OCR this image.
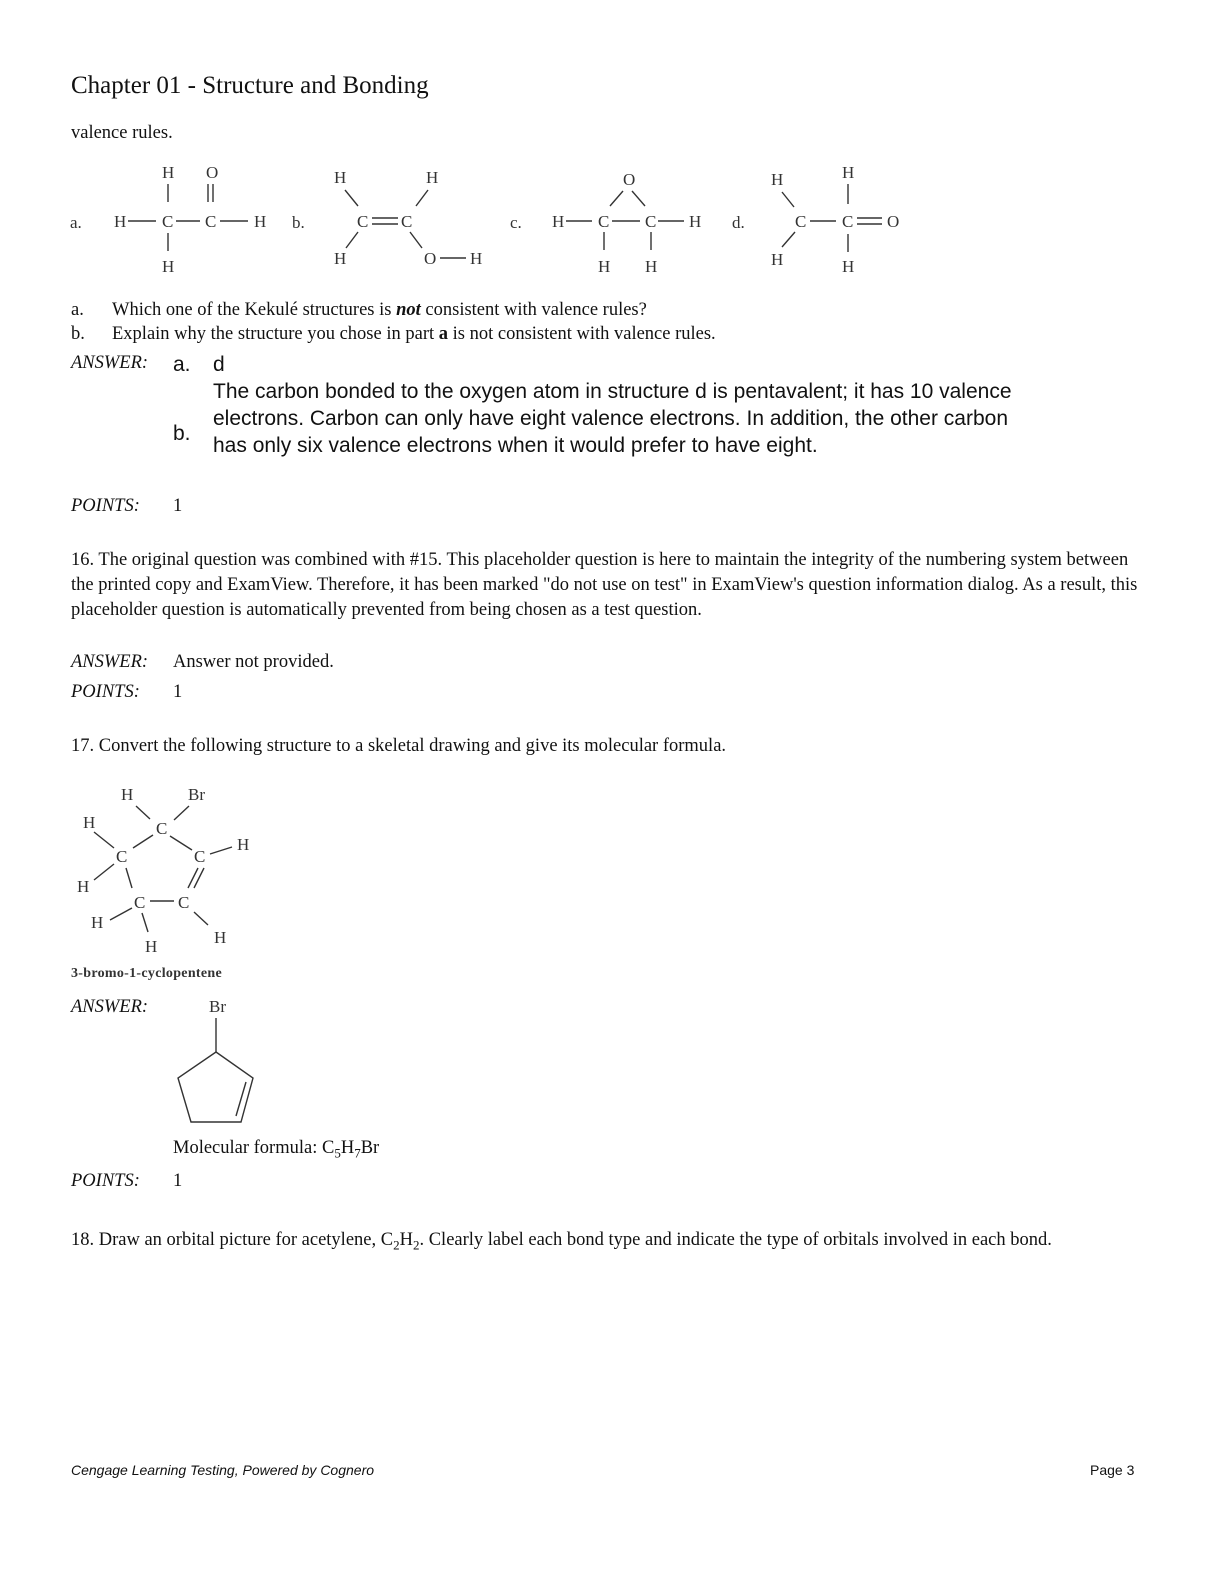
Chapter 01 - Structure and Bonding
valence rules.
a.
H O
H C C H
H
b.
H	H
C C
H	O H
c.
O
H C C H
H H
d.
H	H
C C O
H	H
a. Which one of the Kekulé structures is not consistent with valence rules?
b. Explain why the structure you chose in part a is not consistent with valence rules.
ANSWER: a. d
b.
The carbon bonded to the oxygen atom in structure d is pentavalent; it has 10 valence electrons. Carbon can only have eight valence electrons. In addition, the other carbon has only six valence electrons when it would prefer to have eight.
POINTS: 1
16. The original question was combined with #15. This placeholder question is here to maintain the integrity of the numbering system between the printed copy and ExamView. Therefore, it has been marked "do not use on test" in ExamView's question information dialog. As a result, this placeholder question is automatically prevented from being chosen as a test question.
ANSWER: Answer not provided.
POINTS: 1
17. Convert the following structure to a skeletal drawing and give its molecular formula.
H	Br
H	C
C	C
H
H
C C
H
H	H
3-bromo-1-cyclopentene
ANSWER:	Br
Molecular formula: $C_5H_7Br$
POINTS: 1
18. Draw an orbital picture for acetylene, $C_2H_2$. Clearly label each bond type and indicate the type of orbitals involved in each bond.
Cengage Learning Testing, Powered by Cognero	Page 3
